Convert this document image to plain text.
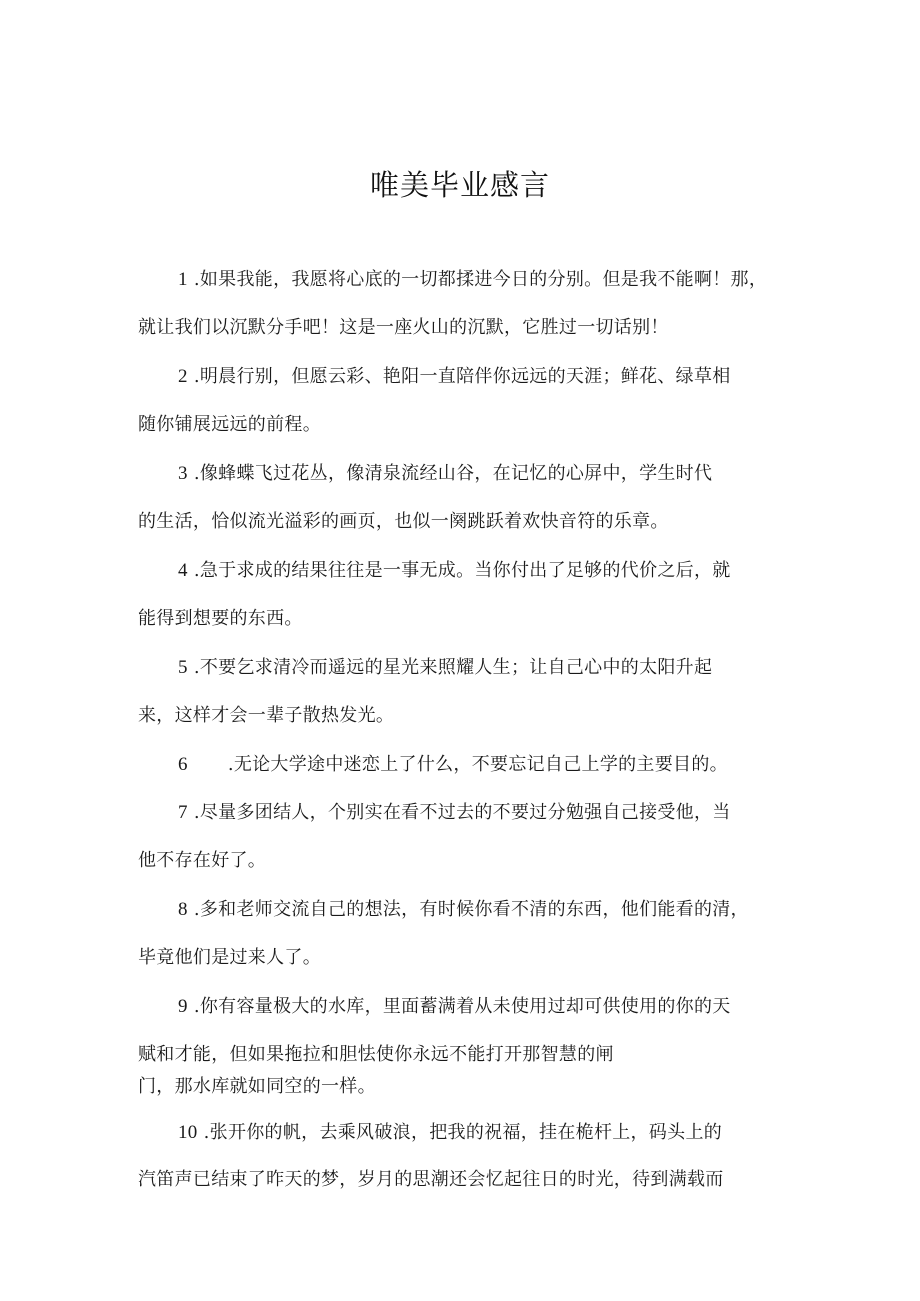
唯美毕业感言
1 .如果我能，我愿将心底的一切都揉进今日的分别。但是我不能啊！那，
就让我们以沉默分手吧！这是一座火山的沉默，它胜过一切话别！
2 .明晨行别，但愿云彩、艳阳一直陪伴你远远的天涯；鲜花、绿草相
随你铺展远远的前程。
3 .像蜂蝶飞过花丛，像清泉流经山谷，在记忆的心屏中，学生时代
的生活，恰似流光溢彩的画页，也似一阕跳跃着欢快音符的乐章。
4 .急于求成的结果往往是一事无成。当你付出了足够的代价之后，就
能得到想要的东西。
5 .不要乞求清冷而遥远的星光来照耀人生；让自己心中的太阳升起
来，这样才会一辈子散热发光。
6 .无论大学途中迷恋上了什么，不要忘记自己上学的主要目的。
7 .尽量多团结人，个别实在看不过去的不要过分勉强自己接受他，当
他不存在好了。
8 .多和老师交流自己的想法，有时候你看不清的东西，他们能看的清，
毕竟他们是过来人了。
9 .你有容量极大的水库，里面蓄满着从未使用过却可供使用的你的天
赋和才能，但如果拖拉和胆怯使你永远不能打开那智慧的闸
门，那水库就如同空的一样。
10 .张开你的帆，去乘风破浪，把我的祝福，挂在桅杆上，码头上的
汽笛声已结束了昨天的梦，岁月的思潮还会忆起往日的时光，待到满载而
